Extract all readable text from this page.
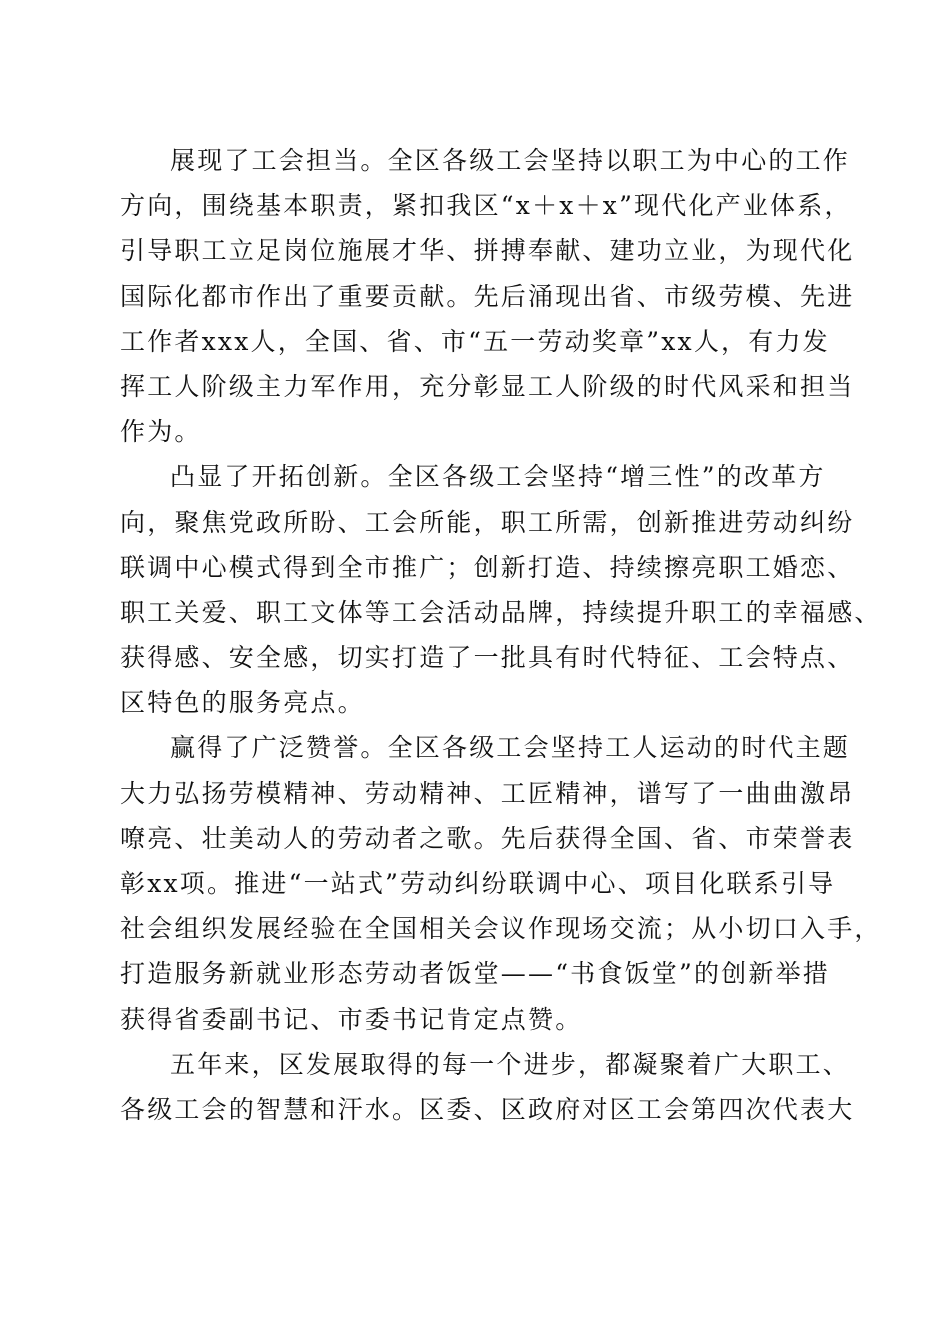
展现了工会担当。全区各级工会坚持以职工为中心的工作
方向，围绕基本职责，紧扣我区“x＋x＋x”现代化产业体系，
引导职工立足岗位施展才华、拼搏奉献、建功立业，为现代化
国际化都市作出了重要贡献。先后涌现出省、市级劳模、先进
工作者xxx人，全国、省、市“五一劳动奖章”xx人，有力发
挥工人阶级主力军作用，充分彰显工人阶级的时代风采和担当
作为。
凸显了开拓创新。全区各级工会坚持“增三性”的改革方
向，聚焦党政所盼、工会所能，职工所需，创新推进劳动纠纷
联调中心模式得到全市推广；创新打造、持续擦亮职工婚恋、
职工关爱、职工文体等工会活动品牌，持续提升职工的幸福感、
获得感、安全感，切实打造了一批具有时代特征、工会特点、
区特色的服务亮点。
赢得了广泛赞誉。全区各级工会坚持工人运动的时代主题
大力弘扬劳模精神、劳动精神、工匠精神，谱写了一曲曲激昂
嘹亮、壮美动人的劳动者之歌。先后获得全国、省、市荣誉表
彰xx项。推进“一站式”劳动纠纷联调中心、项目化联系引导
社会组织发展经验在全国相关会议作现场交流；从小切口入手，
打造服务新就业形态劳动者饭堂——“书食饭堂”的创新举措
获得省委副书记、市委书记肯定点赞。
五年来，区发展取得的每一个进步，都凝聚着广大职工、
各级工会的智慧和汗水。区委、区政府对区工会第四次代表大
